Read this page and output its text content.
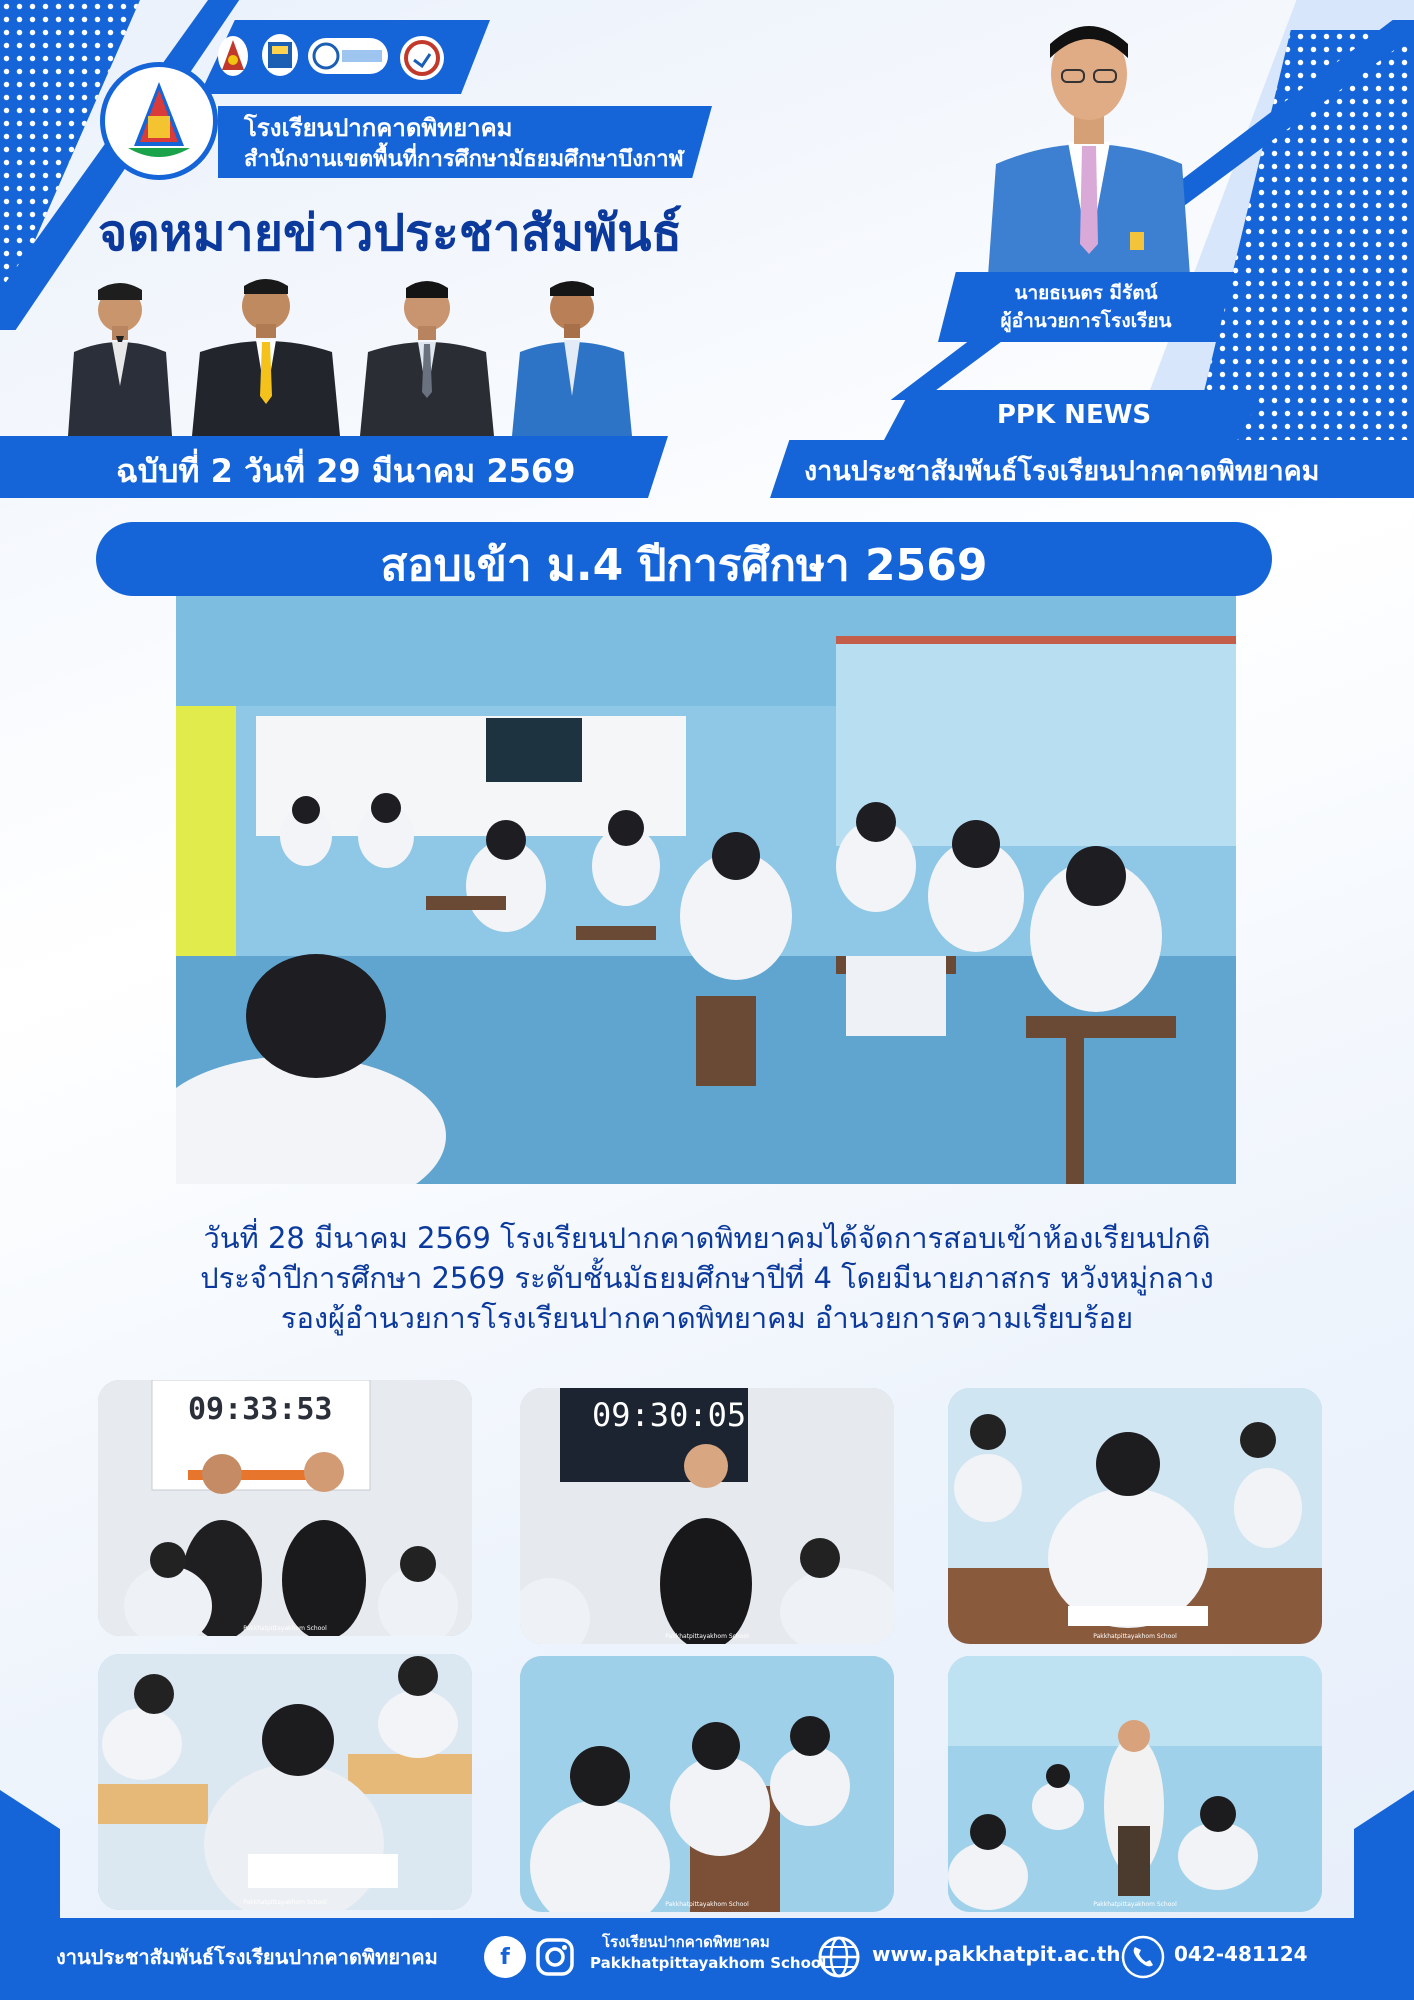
โรงเรียนปากคาดพิทยาคม
สำนักงานเขตพื้นที่การศึกษามัธยมศึกษาบึงกาฬ
จดหมายข่าวประชาสัมพันธ์
ฉบับที่ 2 วันที่ 29 มีนาคม 2569
นายธเนตร มีรัตน์
ผู้อำนวยการโรงเรียน
PPK NEWS
งานประชาสัมพันธ์โรงเรียนปากคาดพิทยาคม
สอบเข้า ม.4 ปีการศึกษา 2569
วันที่ 28 มีนาคม 2569 โรงเรียนปากคาดพิทยาคมได้จัดการสอบเข้าห้องเรียนปกติ
ประจำปีการศึกษา 2569 ระดับชั้นมัธยมศึกษาปีที่ 4 โดยมีนายภาสกร หวังหมู่กลาง
รองผู้อำนวยการโรงเรียนปากคาดพิทยาคม อำนวยการความเรียบร้อย
09:33:53
Pakkhatpittayakhom School
09:30:05
Pakkhatpittayakhom School	Pakkhatpittayakhom School
Pakkhatpittayakhom School	Pakkhatpittayakhom School	Pakkhatpittayakhom School
งานประชาสัมพันธ์โรงเรียนปากคาดพิทยาคม	f
โรงเรียนปากคาดพิทยาคม
Pakkhatpittayakhom School www.pakkhatpit.ac.th	042-481124
